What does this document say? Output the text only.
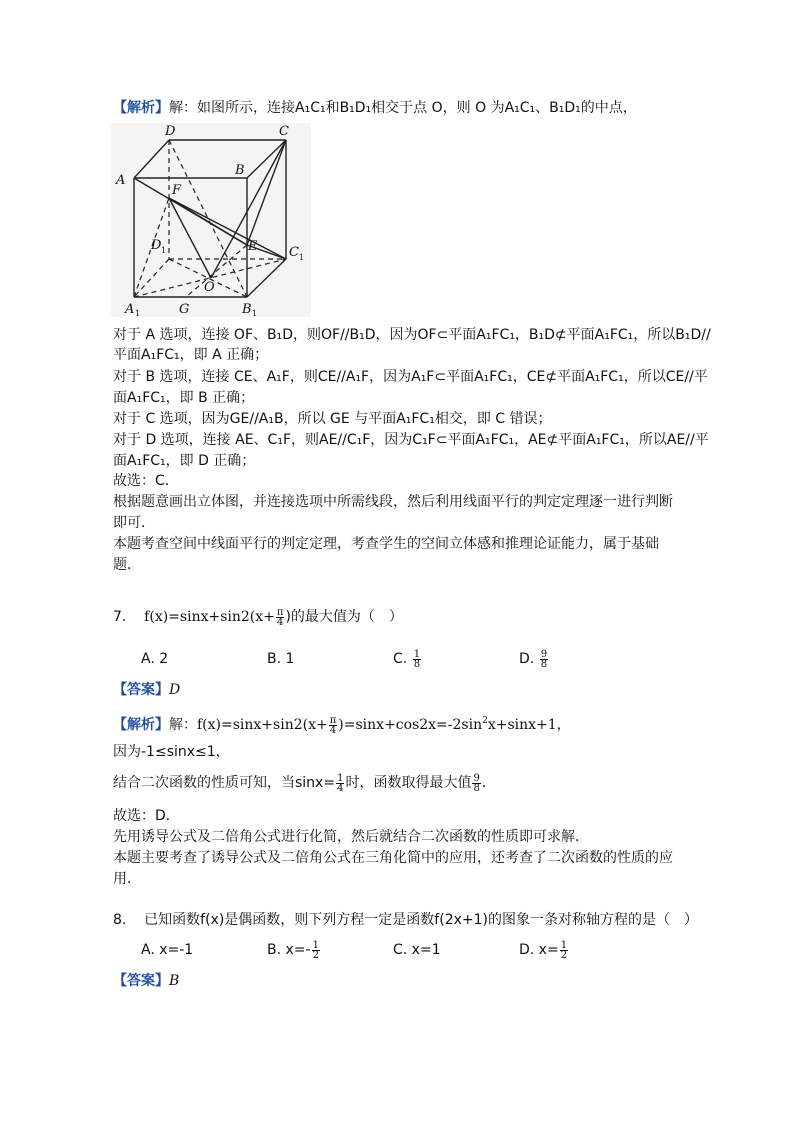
【解析】解：如图所示，连接A₁C₁和B₁D₁相交于点 O，则 O 为A₁C₁、B₁D₁的中点，
D	C
A
B
F
D 1	E C 1
A 1	G
O
B 1
对于 A 选项，连接 OF、B₁D，则OF//B₁D，因为OF⊂平面A₁FC₁，B₁D⊄平面A₁FC₁，所以B₁D//
平面A₁FC₁，即 A 正确；
对于 B 选项，连接 CE、A₁F，则CE//A₁F，因为A₁F⊂平面A₁FC₁，CE⊄平面A₁FC₁，所以CE//平
面A₁FC₁，即 B 正确；
对于 C 选项，因为GE//A₁B，所以 GE 与平面A₁FC₁相交，即 C 错误；
对于 D 选项，连接 AE、C₁F，则AE//C₁F，因为C₁F⊂平面A₁FC₁，AE⊄平面A₁FC₁，所以AE//平
面A₁FC₁，即 D 正确；
故选：C．
根据题意画出立体图，并连接选项中所需线段，然后利用线面平行的判定定理逐一进行判断
即可．
本题考查空间中线面平行的判定定理，考查学生的空间立体感和推理论证能力，属于基础
题．
7. $f(x)=\sin x+\sin 2(x+ \frac{\pi}{4}$ )的最大值为（　）
A. 2	B. 1	C. $\frac{1}{8}$	D. $\frac{9}{8}$
【答案】D
【解析】解：$f(x)=\sin x+\sin 2(x+ \frac{\pi}{4} )=\sin x+\cos 2x=-2\sin^2x+\sin x+1$，
因为-1≤sinx≤1，
结合二次函数的性质可知，当$\sin x= \frac{1}{4}$ 时，函数取得最大值 $\frac{9}{8}$ ．
故选：D．
先用诱导公式及二倍角公式进行化简，然后就结合二次函数的性质即可求解．
本题主要考查了诱导公式及二倍角公式在三角化简中的应用，还考查了二次函数的性质的应
用．
8. 已知函数f(x)是偶函数，则下列方程一定是函数f(2x+1)的图象一条对称轴方程的是（　）
A. x=-1	B. $x=- \frac{1}{2}$	C. x=1	D. $x= \frac{1}{2}$
【答案】B
